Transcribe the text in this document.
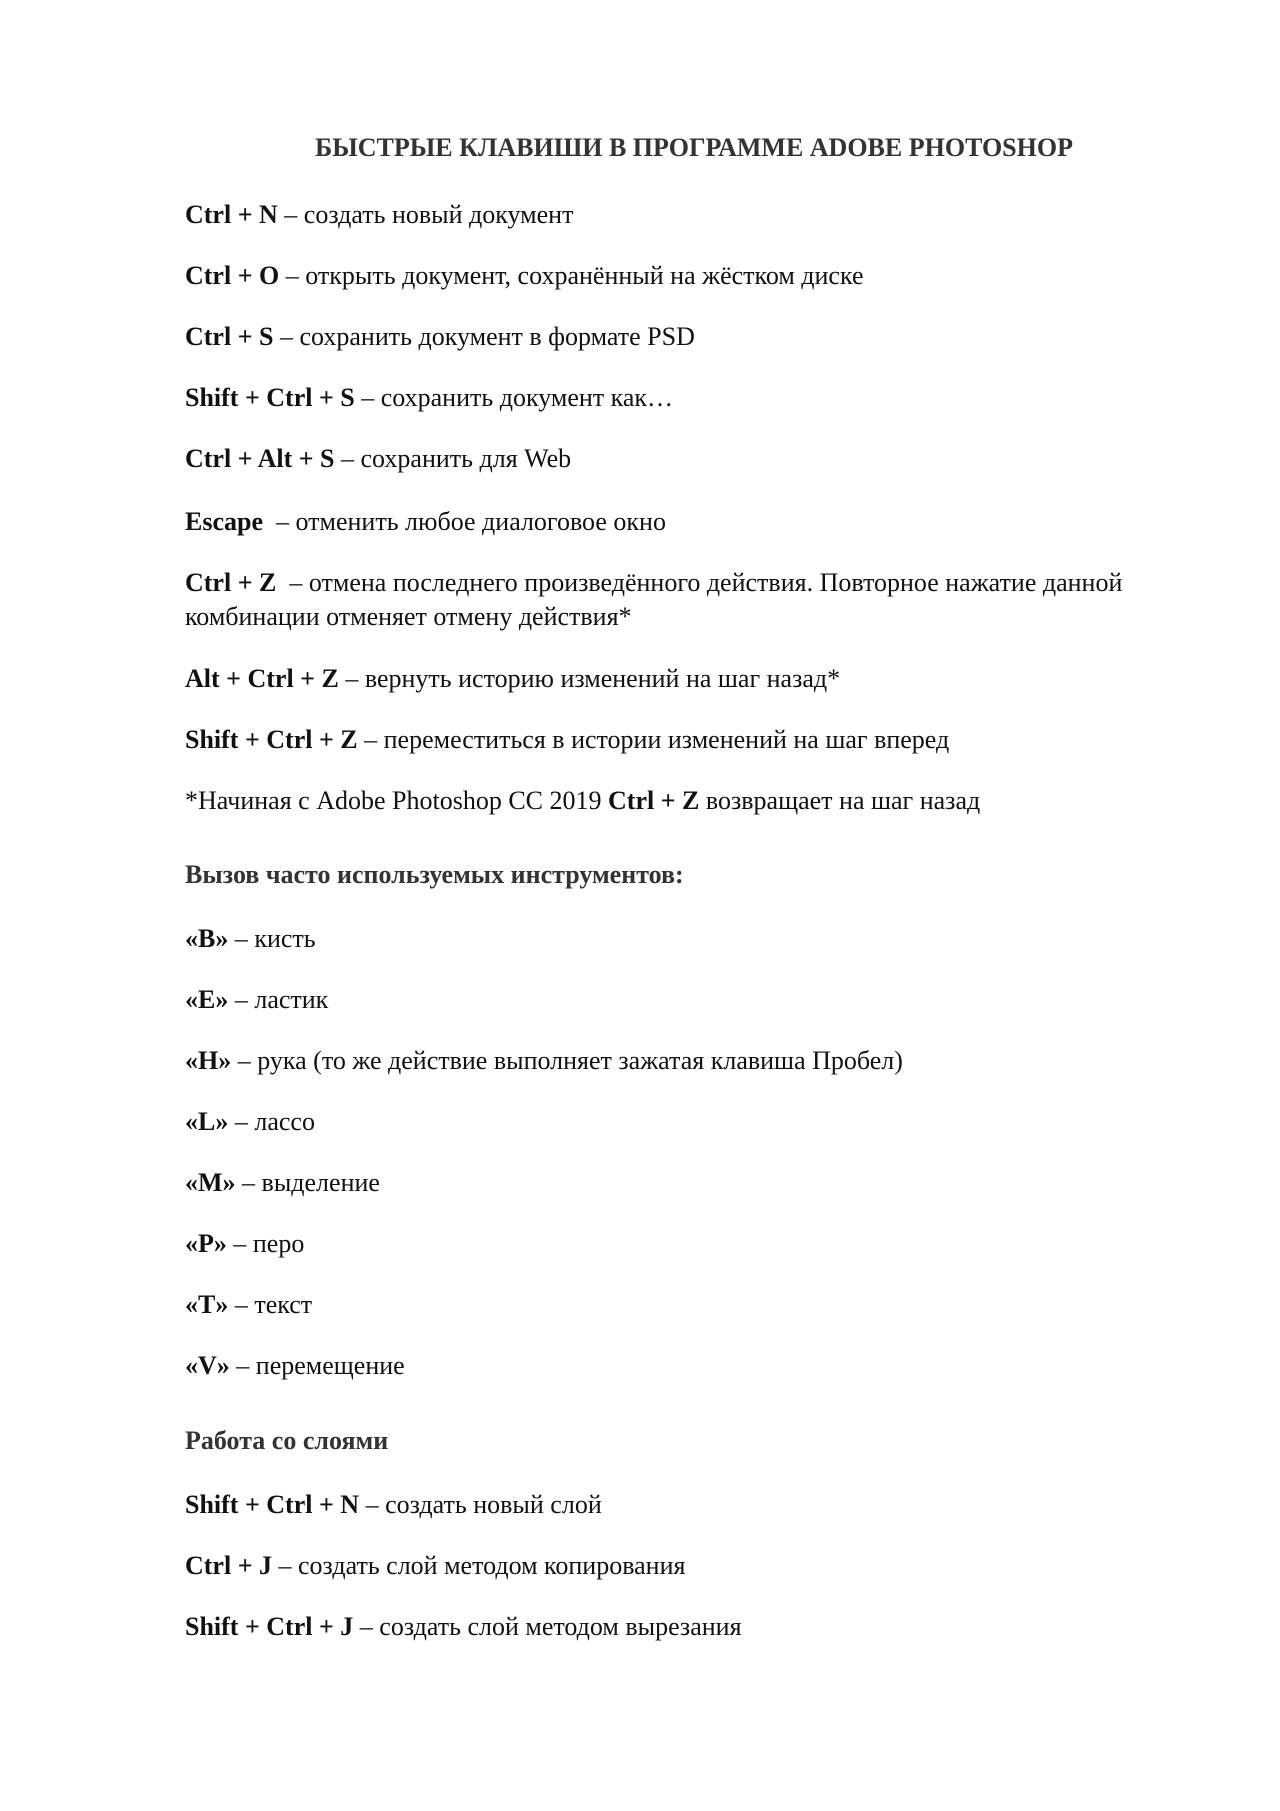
БЫСТРЫЕ КЛАВИШИ В ПРОГРАММЕ ADOBE PHOTOSHOP
Ctrl + N – создать новый документ
Ctrl + O – открыть документ, сохранённый на жёстком диске
Ctrl + S – сохранить документ в формате PSD
Shift + Ctrl + S – сохранить документ как…
Ctrl + Alt + S – сохранить для Web
Escape  – отменить любое диалоговое окно
Ctrl + Z  – отмена последнего произведённого действия. Повторное нажатие данной комбинации отменяет отмену действия*
Alt + Ctrl + Z – вернуть историю изменений на шаг назад*
Shift + Ctrl + Z – переместиться в истории изменений на шаг вперед
*Начиная с Adobe Photoshop CC 2019 Ctrl + Z возвращает на шаг назад
Вызов часто используемых инструментов:
«B» – кисть
«E» – ластик
«H» – рука (то же действие выполняет зажатая клавиша Пробел)
«L» – лассо
«M» – выделение
«P» – перо
«T» – текст
«V» – перемещение
Работа со слоями
Shift + Ctrl + N – создать новый слой
Ctrl + J – создать слой методом копирования
Shift + Ctrl + J – создать слой методом вырезания
